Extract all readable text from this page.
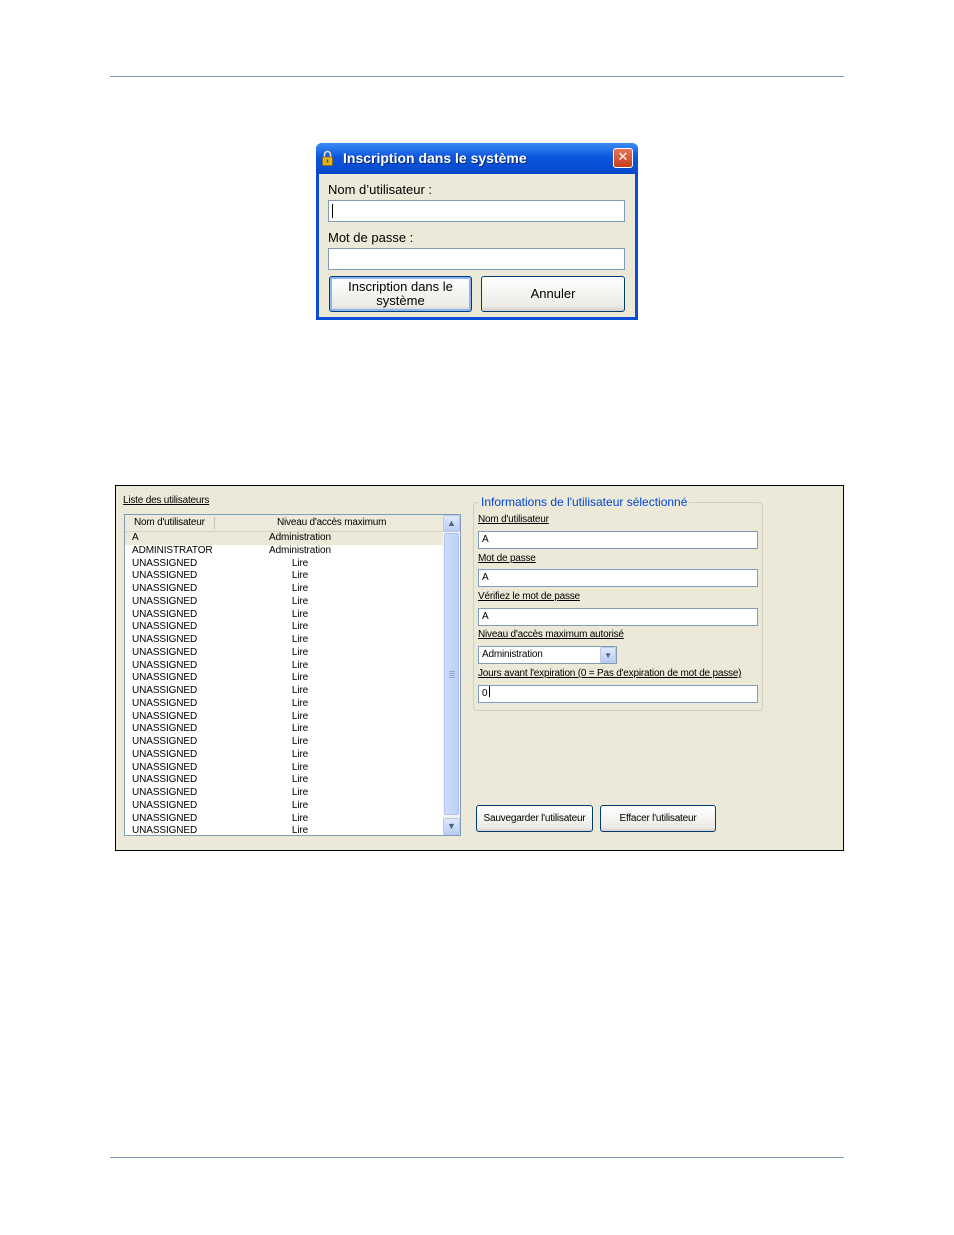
Inscription dans le système	✕
Nom d’utilisateur :
Mot de passe :
Inscription dans le
système	Annuler
Liste des utilisateurs
Nom d'utilisateur	Niveau d'accès maximum
A	Administration
ADMINISTRATOR	Administration
UNASSIGNED	Lire
UNASSIGNED	Lire
UNASSIGNED	Lire
UNASSIGNED	Lire
UNASSIGNED	Lire
UNASSIGNED	Lire
UNASSIGNED	Lire
UNASSIGNED	Lire
UNASSIGNED	Lire
UNASSIGNED	Lire
UNASSIGNED	Lire
UNASSIGNED	Lire
UNASSIGNED	Lire
UNASSIGNED	Lire
UNASSIGNED	Lire
UNASSIGNED	Lire
UNASSIGNED	Lire
UNASSIGNED	Lire
UNASSIGNED	Lire
UNASSIGNED	Lire
UNASSIGNED	Lire
UNASSIGNED	Lire
▲
▼
Informations de l'utilisateur sélectionné
Nom d'utilisateur
A
Mot de passe
A
Vérifiez le mot de passe
A
Niveau d'accès maximum autorisé
Administration	▼
Jours avant l'expiration (0 = Pas d'expiration de mot de passe)
0
Sauvegarder l'utilisateur	Effacer l'utilisateur
